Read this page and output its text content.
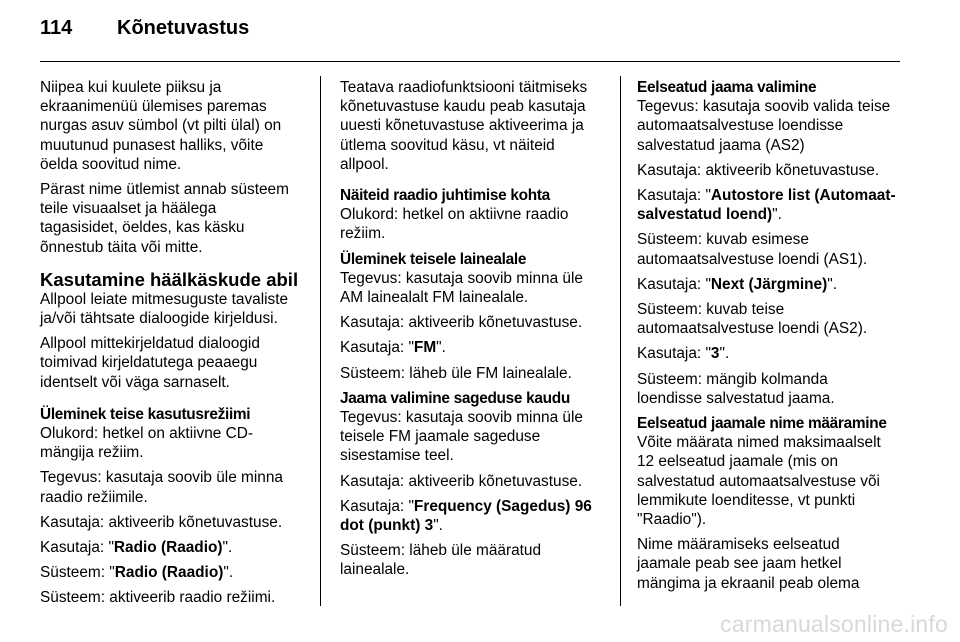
114 Kõnetuvastus

Niipea kui kuulete piiksu ja
ekraanimenüü ülemises paremas
nurgas asuv sümbol (vt pilti ülal) on
muutunud punasest halliks, võite
öelda soovitud nime.

Pärast nime ütlemist annab süsteem
teile visuaalset ja häälega
tagasisidet, öeldes, kas käsku
õnnestub täita või mitte.

Kasutamine häälkäskude abil

Allpool leiate mitmesuguste tavaliste
ja/või tähtsate dialoogide kirjeldusi.

Allpool mittekirjeldatud dialoogid
toimivad kirjeldatutega peaaegu
identselt või väga sarnaselt.

Üleminek teise kasutusrežiimi

Olukord: hetkel on aktiivne CD-
mängija režiim.

Tegevus: kasutaja soovib üle minna
raadio režiimile.

Kasutaja: aktiveerib kõnetuvastuse.

Kasutaja: "Radio (Raadio)".

Süsteem: "Radio (Raadio)".

Süsteem: aktiveerib raadio režiimi.

Teatava raadiofunktsiooni täitmiseks
kõnetuvastuse kaudu peab kasutaja
uuesti kõnetuvastuse aktiveerima ja
ütlema soovitud käsu, vt näiteid
allpool.

Näiteid raadio juhtimise kohta

Olukord: hetkel on aktiivne raadio
režiim.

Üleminek teisele lainealale

Tegevus: kasutaja soovib minna üle
AM lainealalt FM lainealale.

Kasutaja: aktiveerib kõnetuvastuse.

Kasutaja: "FM".

Süsteem: läheb üle FM lainealale.

Jaama valimine sageduse kaudu

Tegevus: kasutaja soovib minna üle
teisele FM jaamale sageduse
sisestamise teel.

Kasutaja: aktiveerib kõnetuvastuse.

Kasutaja: "Frequency (Sagedus) 96
dot (punkt) 3".

Süsteem: läheb üle määratud
lainealale.

Eelseatud jaama valimine

Tegevus: kasutaja soovib valida teise
automaatsalvestuse loendisse
salvestatud jaama (AS2)

Kasutaja: aktiveerib kõnetuvastuse.

Kasutaja: "Autostore list (Automaat-
salvestatud loend)".

Süsteem: kuvab esimese
automaatsalvestuse loendi (AS1).

Kasutaja: "Next (Järgmine)".

Süsteem: kuvab teise
automaatsalvestuse loendi (AS2).

Kasutaja: "3".

Süsteem: mängib kolmanda
loendisse salvestatud jaama.

Eelseatud jaamale nime määramine

Võite määrata nimed maksimaalselt
12 eelseatud jaamale (mis on
salvestatud automaatsalvestuse või
lemmikute loenditesse, vt punkti
"Raadio").

Nime määramiseks eelseatud
jaamale peab see jaam hetkel
mängima ja ekraanil peab olema

carmanualsonline.info
